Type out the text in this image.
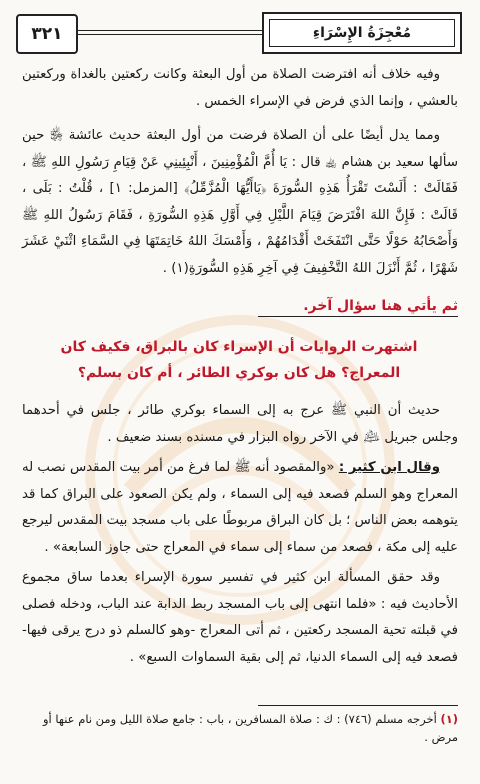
٣٢١	مُعْجِزَةُ الإِسْرَاءِ

وفيه خلاف أنه افترضت الصلاة من أول البعثة وكانت ركعتين بالغداة وركعتين بالعشي ، وإنما الذي فرض في الإسراء الخمس .

ومما يدل أيضًا على أن الصلاة فرضت من أول البعثة حديث عائشة ﵂ حين سألها سعيد بن هشام ﵀ قال : يَا أُمَّ الْمُؤْمِنِينَ ، أَنْبِئِينِي عَنْ قِيَامِ رَسُولِ اللهِ ﷺ ، فَقَالَتْ : أَلَسْتَ تَقْرَأُ هَذِهِ السُّورَةَ ﴿يَاأَيُّهَا الْمُزَّمِّلُ﴾ [المزمل: ١] ، قُلْتُ : بَلَى ، قَالَتْ : فَإِنَّ اللهَ افْتَرَضَ قِيَامَ اللَّيْلِ فِي أَوَّلِ هَذِهِ السُّورَةِ ، فَقَامَ رَسُولُ اللهِ ﷺ وَأَصْحَابُهُ حَوْلًا حَتَّى انْتَفَخَتْ أَقْدَامُهُمْ ، وَأَمْسَكَ اللهُ خَاتِمَتَهَا فِي السَّمَاءِ اثْنَيْ عَشَرَ شَهْرًا ، ثُمَّ أَنْزَلَ اللهُ التَّخْفِيفَ فِي آخِرِ هَذِهِ السُّورَةِ(١) .

ثم يأتي هنا سؤال آخر.
اشتهرت الروايات أن الإسراء كان بالبراق، فكيف كان المعراج؟ هل كان بوكري الطائر ، أم كان بسلم؟

حديث أن النبي ﷺ عرج به إلى السماء بوكري طائر ، جلس في أحدهما وجلس جبريل ﵇ في الآخر رواه البزار في مسنده بسند ضعيف .

وقال ابن كثير : «والمقصود أنه ﷺ لما فرغ من أمر بيت المقدس نصب له المعراج وهو السلم فصعد فيه إلى السماء ، ولم يكن الصعود على البراق كما قد يتوهمه بعض الناس ؛ بل كان البراق مربوطًا على باب مسجد بيت المقدس ليرجع عليه إلى مكة ، فصعد من سماء إلى سماء في المعراج حتى جاوز السابعة» .

وقد حقق المسألة ابن كثير في تفسير سورة الإسراء بعدما ساق مجموع الأحاديث فيه : «فلما انتهى إلى باب المسجد ربط الدابة عند الباب، ودخله فصلى في قبلته تحية المسجد ركعتين ، ثم أتى المعراج -وهو كالسلم ذو درج يرقى فيها- فصعد فيه إلى السماء الدنيا، ثم إلى بقية السماوات السبع» .

(١) أخرجه مسلم (٧٤٦) : ك : صلاة المسافرين ، باب : جامع صلاة الليل ومن نام عنها أو مرض .
